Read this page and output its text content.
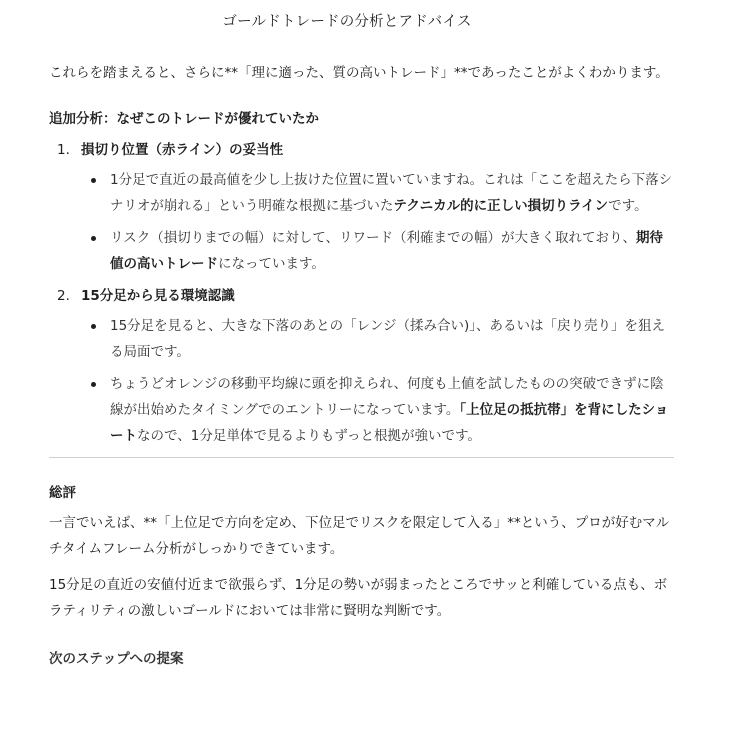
ゴールドトレードの分析とアドバイス

これらを踏まえると、さらに**「理に適った、質の高いトレード」**であったことがよくわかります。

追加分析：なぜこのトレードが優れていたか

1. 損切り位置（赤ライン）の妥当性
1分足で直近の最高値を少し上抜けた位置に置いていますね。これは「ここを超えたら下落シナリオが崩れる」という明確な根拠に基づいたテクニカル的に正しい損切りラインです。
リスク（損切りまでの幅）に対して、リワード（利確までの幅）が大きく取れており、期待値の高いトレードになっています。
2. 15分足から見る環境認識
15分足を見ると、大きな下落のあとの「レンジ（揉み合い)」、あるいは「戻り売り」を狙える局面です。
ちょうどオレンジの移動平均線に頭を抑えられ、何度も上値を試したものの突破できずに陰線が出始めたタイミングでのエントリーになっています。「上位足の抵抗帯」を背にしたショートなので、1分足単体で見るよりもずっと根拠が強いです。

総評

一言でいえば、**「上位足で方向を定め、下位足でリスクを限定して入る」**という、プロが好むマルチタイムフレーム分析がしっかりできています。

15分足の直近の安値付近まで欲張らず、1分足の勢いが弱まったところでサッと利確している点も、ボラティリティの激しいゴールドにおいては非常に賢明な判断です。

次のステップへの提案
